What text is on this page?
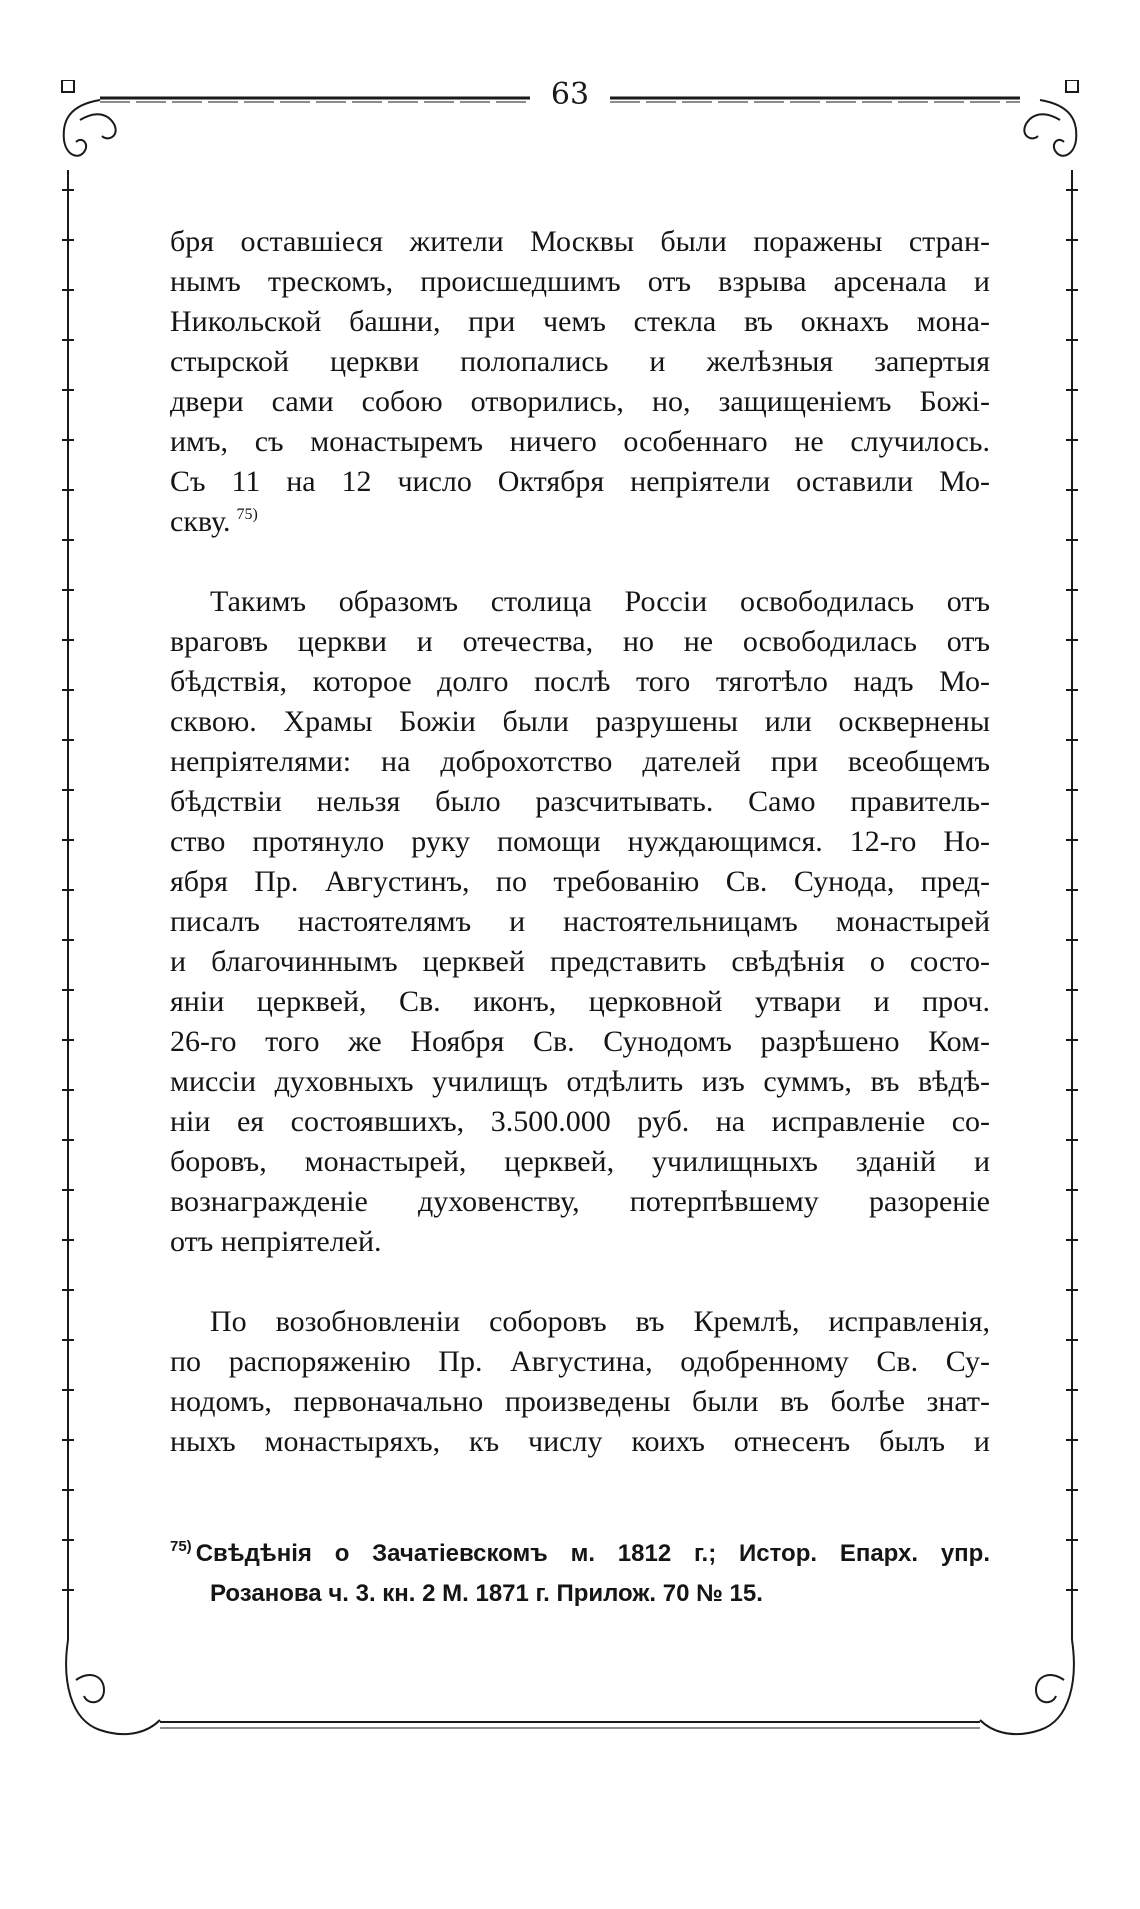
63
бря оставшіеся жители Москвы были поражены стран-
нымъ трескомъ, происшедшимъ отъ взрыва арсенала и
Никольской башни, при чемъ стекла въ окнахъ мона-
стырской церкви полопались и желѣзныя запертыя
двери сами собою отворились, но, защищеніемъ Божі-
имъ, съ монастыремъ ничего особеннаго не случилось.
Съ 11 на 12 число Октября непріятели оставили Мо-
скву. $^{75)}$
Такимъ образомъ столица Россіи освободилась отъ
враговъ церкви и отечества, но не освободилась отъ
бѣдствія, которое долго послѣ того тяготѣло надъ Мо-
сквою. Храмы Божіи были разрушены или осквернены
непріятелями: на доброхотство дателей при всеобщемъ
бѣдствіи нельзя было разсчитывать. Само правитель-
ство протянуло руку помощи нуждающимся. 12-го Но-
ября Пр. Августинъ, по требованію Св. Сунода, пред-
писалъ настоятелямъ и настоятельницамъ монастырей
и благочиннымъ церквей представить свѣдѣнія о состо-
яніи церквей, Св. иконъ, церковной утвари и проч.
26-го того же Ноября Св. Сунодомъ разрѣшено Ком-
миссіи духовныхъ училищъ отдѣлить изъ суммъ, въ вѣдѣ-
ніи ея состоявшихъ, 3.500.000 руб. на исправленіе со-
боровъ, монастырей, церквей, училищныхъ зданій и
вознагражденіе духовенству, потерпѣвшему разореніе
отъ непріятелей.
По возобновленіи соборовъ въ Кремлѣ, исправленія,
по распоряженію Пр. Августина, одобренному Св. Су-
нодомъ, первоначально произведены были въ болѣе знат-
ныхъ монастыряхъ, къ числу коихъ отнесенъ былъ и
$^{75)}$ Свѣдѣнія о Зачатіевскомъ м. 1812 г.; Истор. Епарх. упр.
Розанова ч. 3. кн. 2 М. 1871 г. Прилож. 70 № 15.
